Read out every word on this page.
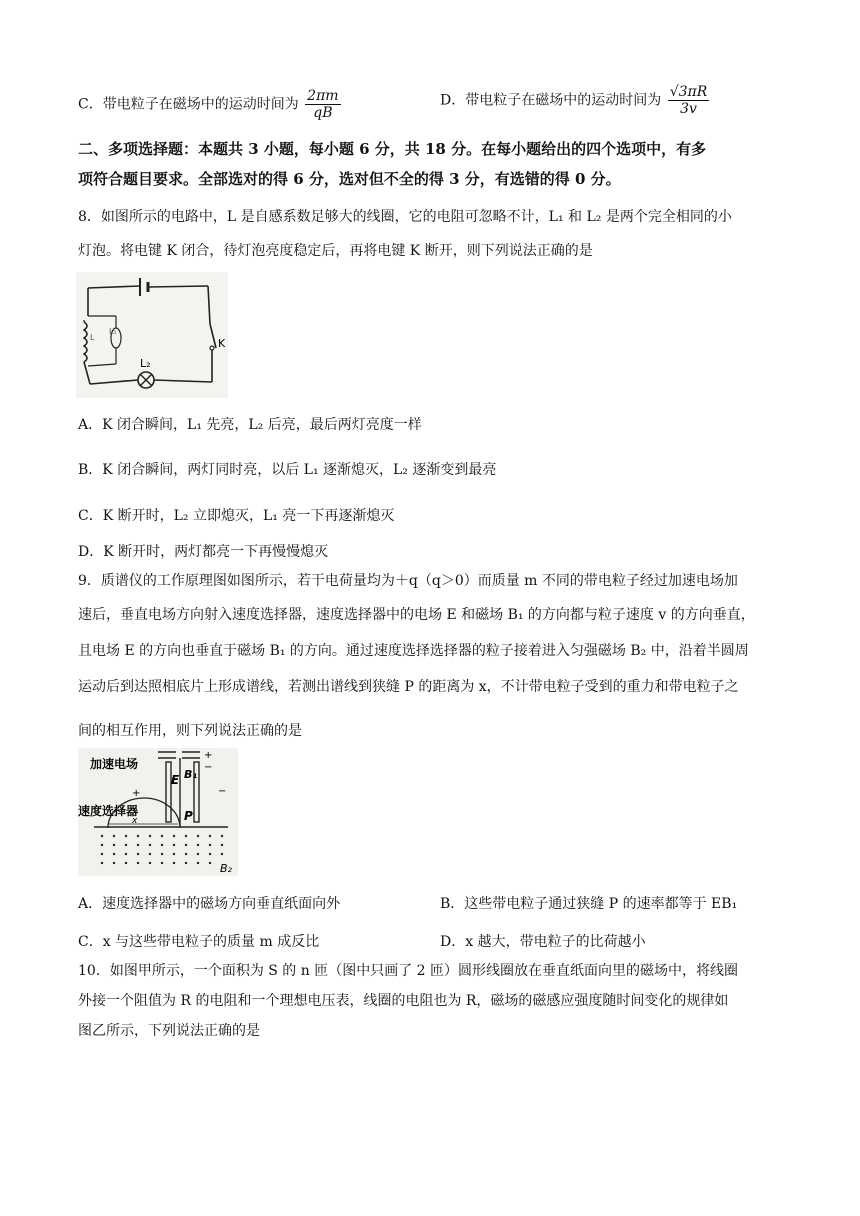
C．带电粒子在磁场中的运动时间为 $\frac{2\pi m}{qB}$	D．带电粒子在磁场中的运动时间为 $\frac{√3\pi R}{3v}$
二、多项选择题：本题共 3 小题，每小题 6 分，共 18 分。在每小题给出的四个选项中，有多
项符合题目要求。全部选对的得 6 分，选对但不全的得 3 分，有选错的得 0 分。
8．如图所示的电路中，L 是自感系数足够大的线圈，它的电阻可忽略不计，L₁ 和 L₂ 是两个完全相同的小
灯泡。将电键 K 闭合，待灯泡亮度稳定后，再将电键 K 断开，则下列说法正确的是
K
L₂
L₁
L
A．K 闭合瞬间，L₁ 先亮，L₂ 后亮，最后两灯亮度一样
B．K 闭合瞬间，两灯同时亮，以后 L₁ 逐渐熄灭，L₂ 逐渐变到最亮
C．K 断开时，L₂ 立即熄灭，L₁ 亮一下再逐渐熄灭
D．K 断开时，两灯都亮一下再慢慢熄灭
9．质谱仪的工作原理图如图所示，若干电荷量均为＋q（q＞0）而质量 m 不同的带电粒子经过加速电场加
速后，垂直电场方向射入速度选择器，速度选择器中的电场 E 和磁场 B₁ 的方向都与粒子速度 v 的方向垂直，
且电场 E 的方向也垂直于磁场 B₁ 的方向。通过速度选择选择器的粒子接着进入匀强磁场 B₂ 中，沿着半圆周
运动后到达照相底片上形成谱线，若测出谱线到狭缝 P 的距离为 x，不计带电粒子受到的重力和带电粒子之
间的相互作用，则下列说法正确的是
加速电场
速度选择器
+
+
−
E B₁
P
−
x
B₂
A．速度选择器中的磁场方向垂直纸面向外	B．这些带电粒子通过狭缝 P 的速率都等于 EB₁
C．x 与这些带电粒子的质量 m 成反比	D．x 越大，带电粒子的比荷越小
10．如图甲所示，一个面积为 S 的 n 匝（图中只画了 2 匝）圆形线圈放在垂直纸面向里的磁场中，将线圈
外接一个阻值为 R 的电阻和一个理想电压表，线圈的电阻也为 R，磁场的磁感应强度随时间变化的规律如
图乙所示，下列说法正确的是
